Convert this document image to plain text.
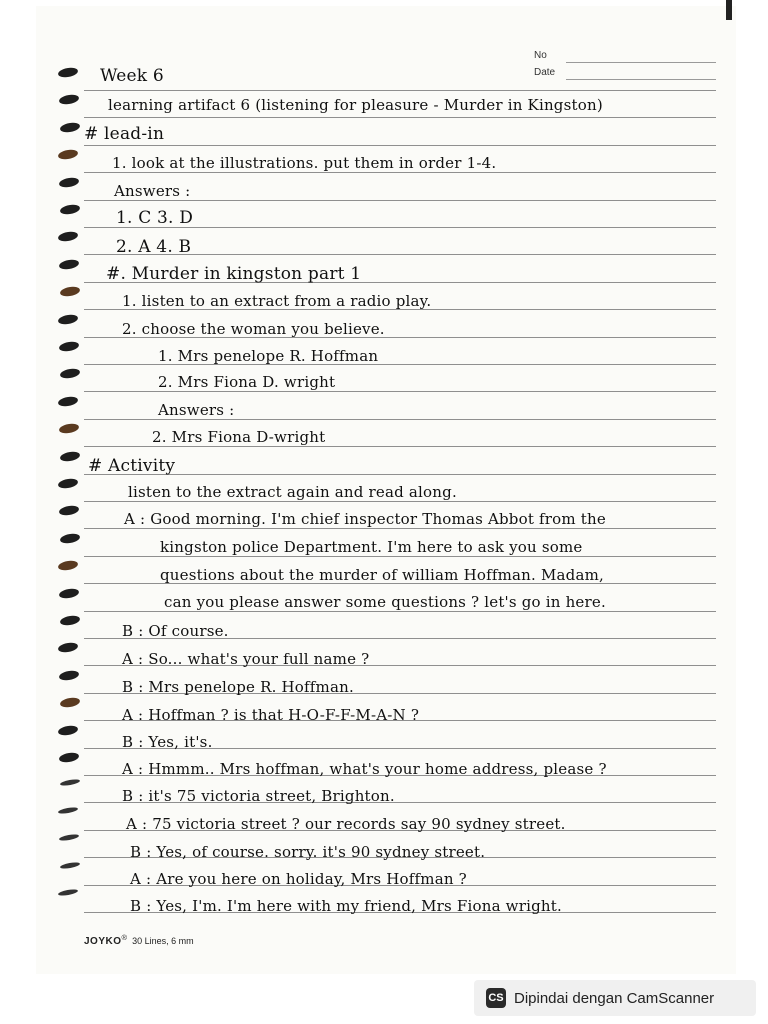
No
Date
Week 6
learning artifact 6 (listening for pleasure - Murder in Kingston)
# lead-in
1. look at the illustrations. put them in order 1-4.
Answers :
1. C 3. D
2. A 4. B
#. Murder in kingston part 1
1. listen to an extract from a radio play.
2. choose the woman you believe.
1. Mrs penelope R. Hoffman
2. Mrs Fiona D. wright
Answers :
2. Mrs Fiona D-wright
# Activity
listen to the extract again and read along.
A : Good morning. I'm chief inspector Thomas Abbot from the
kingston police Department. I'm here to ask you some
questions about the murder of william Hoffman. Madam,
can you please answer some questions ? let's go in here.
B : Of course.
A : So... what's your full name ?
B : Mrs penelope R. Hoffman.
A : Hoffman ? is that H-O-F-F-M-A-N ?
B : Yes, it's.
A : Hmmm.. Mrs hoffman, what's your home address, please ?
B : it's 75 victoria street, Brighton.
A : 75 victoria street ? our records say 90 sydney street.
B : Yes, of course. sorry. it's 90 sydney street.
A : Are you here on holiday, Mrs Hoffman ?
B : Yes, I'm. I'm here with my friend, Mrs Fiona wright.
JOYKO® 30 Lines, 6 mm
CS Dipindai dengan CamScanner
